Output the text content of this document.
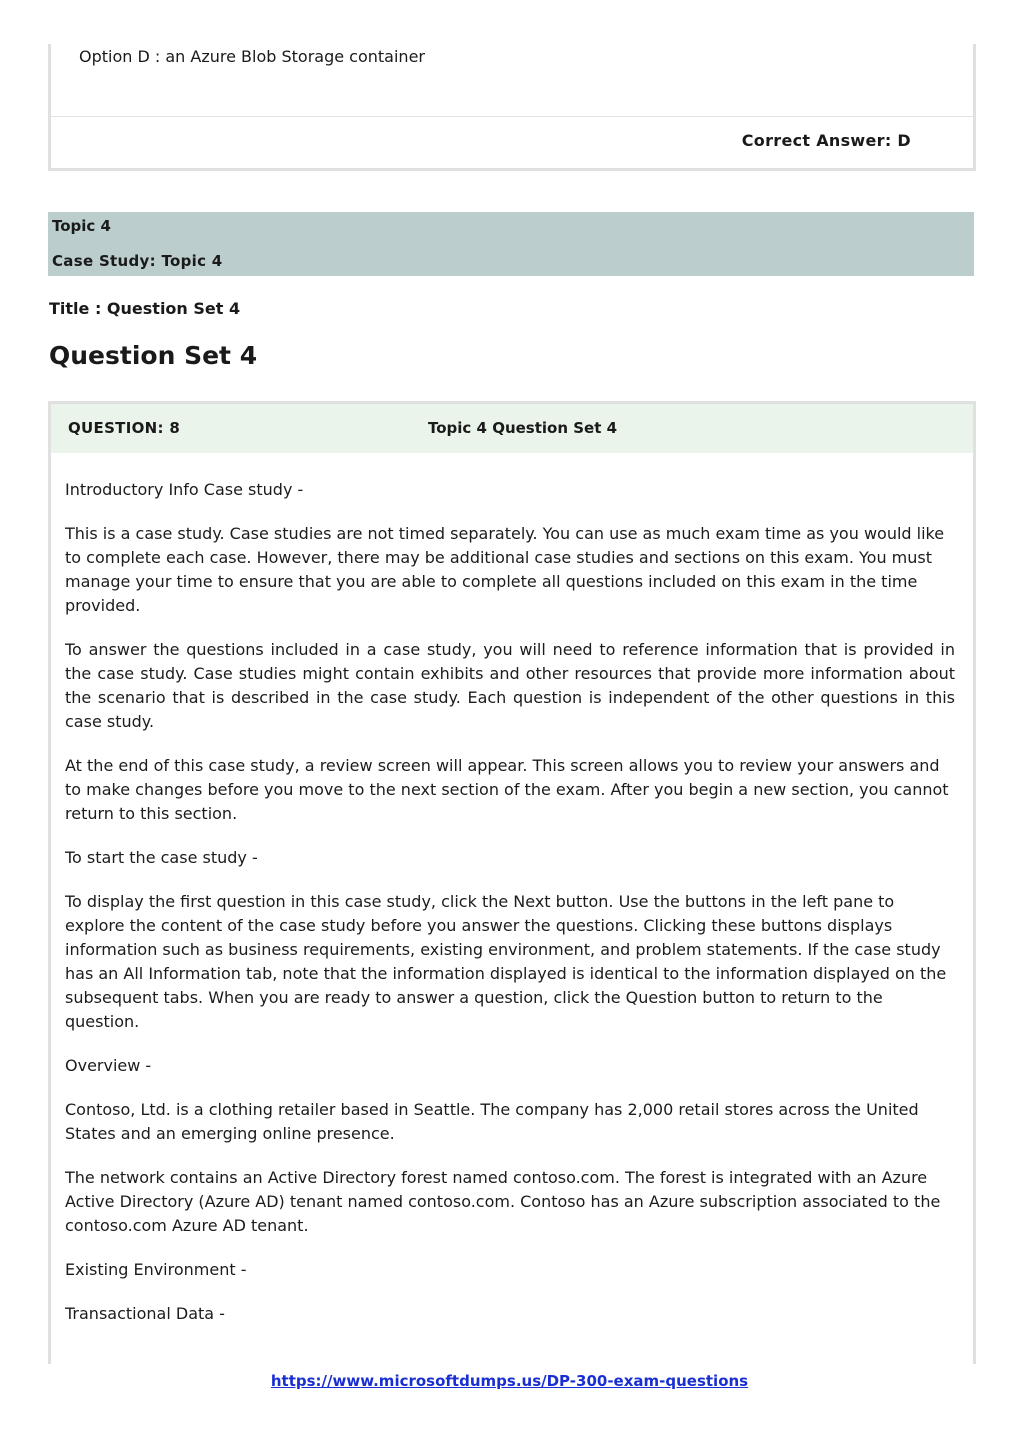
Option D : an Azure Blob Storage container
Correct Answer: D
Topic 4
Case Study: Topic 4
Title : Question Set 4
Question Set 4
QUESTION: 8	Topic 4 Question Set 4

Introductory Info Case study -

This is a case study. Case studies are not timed separately. You can use as much exam time as you would like to complete each case. However, there may be additional case studies and sections on this exam. You must manage your time to ensure that you are able to complete all questions included on this exam in the time provided.

To answer the questions included in a case study, you will need to reference information that is provided in the case study. Case studies might contain exhibits and other resources that provide more information about the scenario that is described in the case study. Each question is independent of the other questions in this case study.

At the end of this case study, a review screen will appear. This screen allows you to review your answers and to make changes before you move to the next section of the exam. After you begin a new section, you cannot return to this section.

To start the case study -

To display the first question in this case study, click the Next button. Use the buttons in the left pane to explore the content of the case study before you answer the questions. Clicking these buttons displays information such as business requirements, existing environment, and problem statements. If the case study has an All Information tab, note that the information displayed is identical to the information displayed on the subsequent tabs. When you are ready to answer a question, click the Question button to return to the question.

Overview -

Contoso, Ltd. is a clothing retailer based in Seattle. The company has 2,000 retail stores across the United States and an emerging online presence.

The network contains an Active Directory forest named contoso.com. The forest is integrated with an Azure Active Directory (Azure AD) tenant named contoso.com. Contoso has an Azure subscription associated to the contoso.com Azure AD tenant.

Existing Environment -

Transactional Data -

https://www.microsoftdumps.us/DP-300-exam-questions
